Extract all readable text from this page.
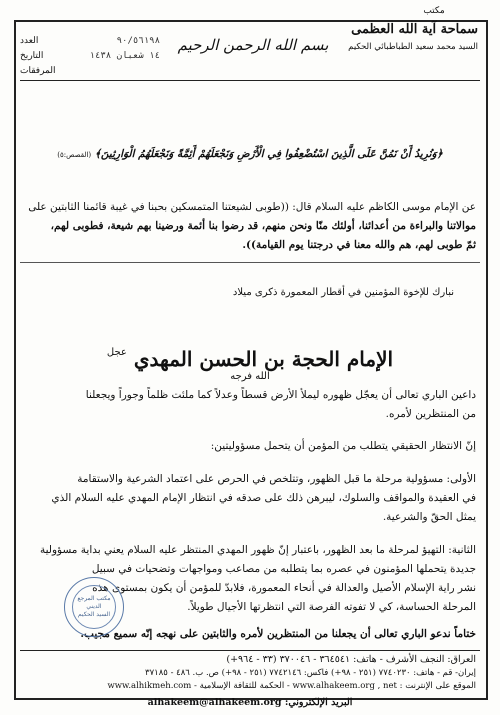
مكتب
سماحة آية الله العظمى
السيد محمد سعيد الطباطبائي الحكيم
بسم الله الرحمن الرحيم
العدد	٩٠/٥٦١٩٨
التاريخ	١٤ شعبان ١٤٣٨
المرفقات
﴿وَنُرِيدُ أَنْ نَمُنَّ عَلَى الَّذِينَ اسْتُضْعِفُوا فِي الْأَرْضِ وَنَجْعَلَهُمْ أَئِمَّةً وَنَجْعَلَهُمُ الْوَارِثِينَ﴾ (القصص:٥)
عن الإمام موسى الكاظم عليه السلام قال: ((طوبى لشيعتنا المتمسكين بحبنا في غيبة قائمنا الثابتين على
موالاتنا والبراءة من أعدائنا، أولئك منّا ونحن منهم، قد رضوا بنا أئمة ورضينا بهم شيعة، فطوبى لهم،
ثمّ طوبى لهم، هم والله معنا في درجتنا يوم القيامة)).
نبارك للإخوة المؤمنين في أقطار المعمورة ذكرى ميلاد
الإمام الحجة بن الحسن المهدي $^{عجل الله فرجه}$
داعين الباري تعالى أن يعجّل ظهوره ليملأ الأرض قسطاً وعدلاً كما ملئت ظلماً وجوراً ويجعلنا
من المنتظرين لأمره.
إنّ الانتظار الحقيقي يتطلب من المؤمن أن يتحمل مسؤوليتين:
الأولى: مسؤولية مرحلة ما قبل الظهور، وتتلخص في الحرص على اعتماد الشرعية والاستقامة
في العقيدة والمواقف والسلوك، ليبرهن ذلك على صدقه في انتظار الإمام المهدي عليه السلام الذي
يمثل الحقّ والشرعية.
الثانية: التهيؤ لمرحلة ما بعد الظهور، باعتبار إنّ ظهور المهدي المنتظر عليه السلام يعني بداية مسؤولية
جديدة يتحملها المؤمنون في عصره بما يتطلبه من مصاعب ومواجهات وتضحيات في سبيل
نشر راية الإسلام الأصيل والعدالة في أنحاء المعمورة، فلابدّ للمؤمن أن يكون بمستوى هذه
المرحلة الحساسة، كي لا تفوته الفرصة التي انتظرتها الأجيال طويلاً.
ختاماً ندعو الباري تعالى أن يجعلنا من المنتظرين لأمره والثابتين على نهجه إنّه سميع مجيب.
مكتب المرجع الديني
السيد الحكيم
العراق: النجف الأشرف - هاتف: ٣٦٤٥٤١ - ٣٧٠٠٤٦ (٣٣ - ٩٦٤+)
إيران- قم - هاتف: ٧٧٤٠٢٣٠ (٢٥١ - ٩٨+) فاكس: ٧٧٤٢١٤٦ (٢٥١ - ٩٨+) ص. ب. ٤٨٦ - ٣٧١٨٥
الموقع على الإنترنت : www.alhakeem.org , net - الحكمة للثقافة الإسلامية - www.alhikmeh.com
البريد الإلكتروني: alhakeem@alhakeem.org
